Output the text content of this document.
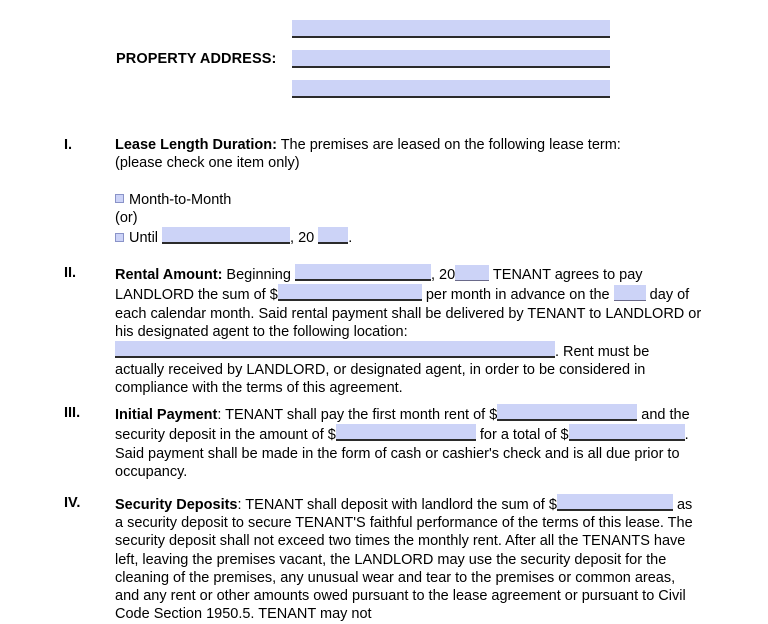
PROPERTY ADDRESS:
I.	Lease Length Duration: The premises are leased on the following lease term:
(please check one item only)
Month-to-Month
(or)
Until	, 20 .
II.	Rental Amount: Beginning	, 20 TENANT agrees to pay LANDLORD the sum of $	per month in advance on the  day of each calendar month. Said rental payment shall be delivered by TENANT to LANDLORD or his designated agent to the following location:
. Rent must be actually received by LANDLORD, or designated agent, in order to be considered in compliance with the terms of this agreement.
III.	Initial Payment: TENANT shall pay the first month rent of $	and the security deposit in the amount of $	for a total of $	. Said payment shall be made in the form of cash or cashier's check and is all due prior to occupancy.
IV.	Security Deposits: TENANT shall deposit with landlord the sum of $	as a security deposit to secure TENANT'S faithful performance of the terms of this lease. The security deposit shall not exceed two times the monthly rent. After all the TENANTS have left, leaving the premises vacant, the LANDLORD may use the security deposit for the cleaning of the premises, any unusual wear and tear to the premises or common areas, and any rent or other amounts owed pursuant to the lease agreement or pursuant to Civil Code Section 1950.5. TENANT may not
